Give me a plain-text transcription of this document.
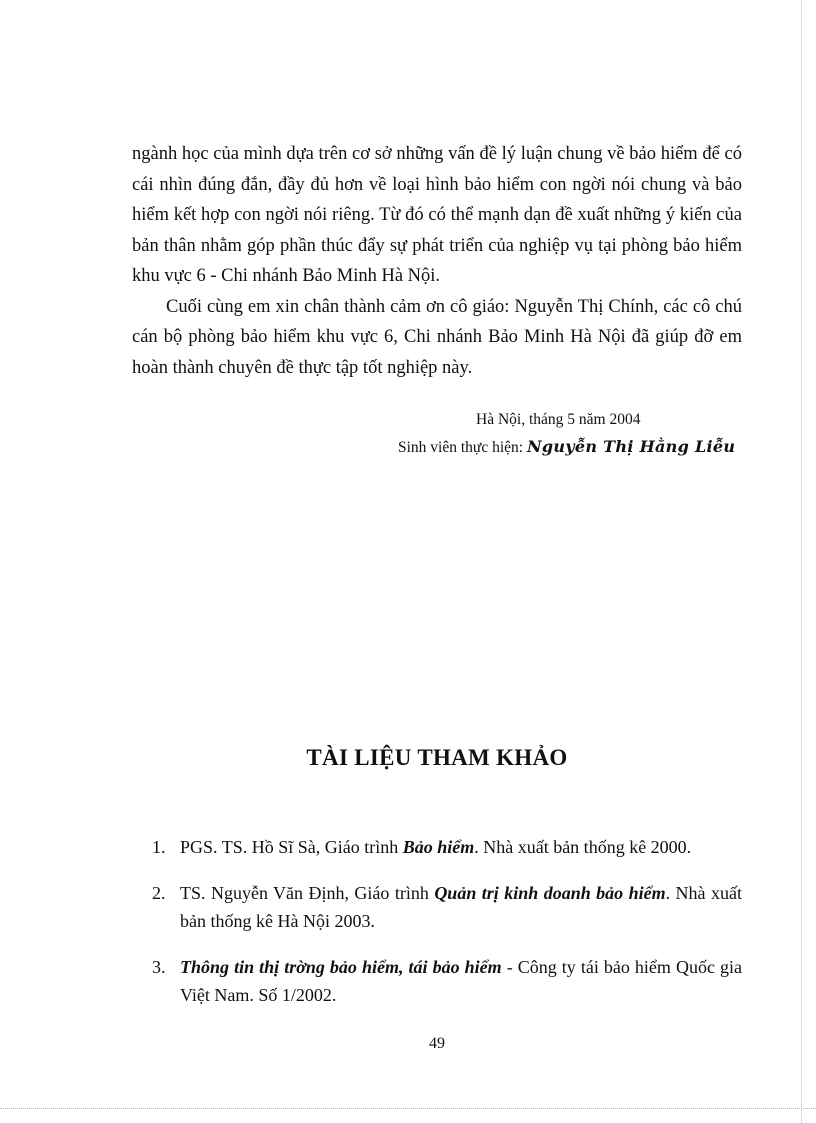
ngành học của mình dựa trên cơ sở những vấn đề lý luận chung về bảo hiểm để có cái nhìn đúng đắn, đầy đủ hơn về loại hình bảo hiểm con ngời nói chung và bảo hiểm kết hợp con ngời nói riêng. Từ đó có thể mạnh dạn đề xuất những ý kiến của bản thân nhằm góp phần thúc đẩy sự phát triển của nghiệp vụ tại phòng bảo hiểm khu vực 6 - Chi nhánh Bảo Minh Hà Nội.

Cuối cùng em xin chân thành cảm ơn cô giáo: Nguyễn Thị Chính, các cô chú cán bộ phòng bảo hiểm khu vực 6, Chi nhánh Bảo Minh Hà Nội đã giúp đỡ em hoàn thành chuyên đề thực tập tốt nghiệp này.

Hà Nội, tháng 5 năm 2004
Sinh viên thực hiện: Nguyễn Thị Hằng Liễu
TÀI LIỆU THAM KHẢO
1. PGS. TS. Hồ Sĩ Sà, Giáo trình Bảo hiểm. Nhà xuất bản thống kê 2000.
2. TS. Nguyễn Văn Định, Giáo trình Quản trị kinh doanh bảo hiểm. Nhà xuất bản thống kê Hà Nội 2003.
3. Thông tin thị trờng bảo hiểm, tái bảo hiểm - Công ty tái bảo hiểm Quốc gia Việt Nam. Số 1/2002.
49
